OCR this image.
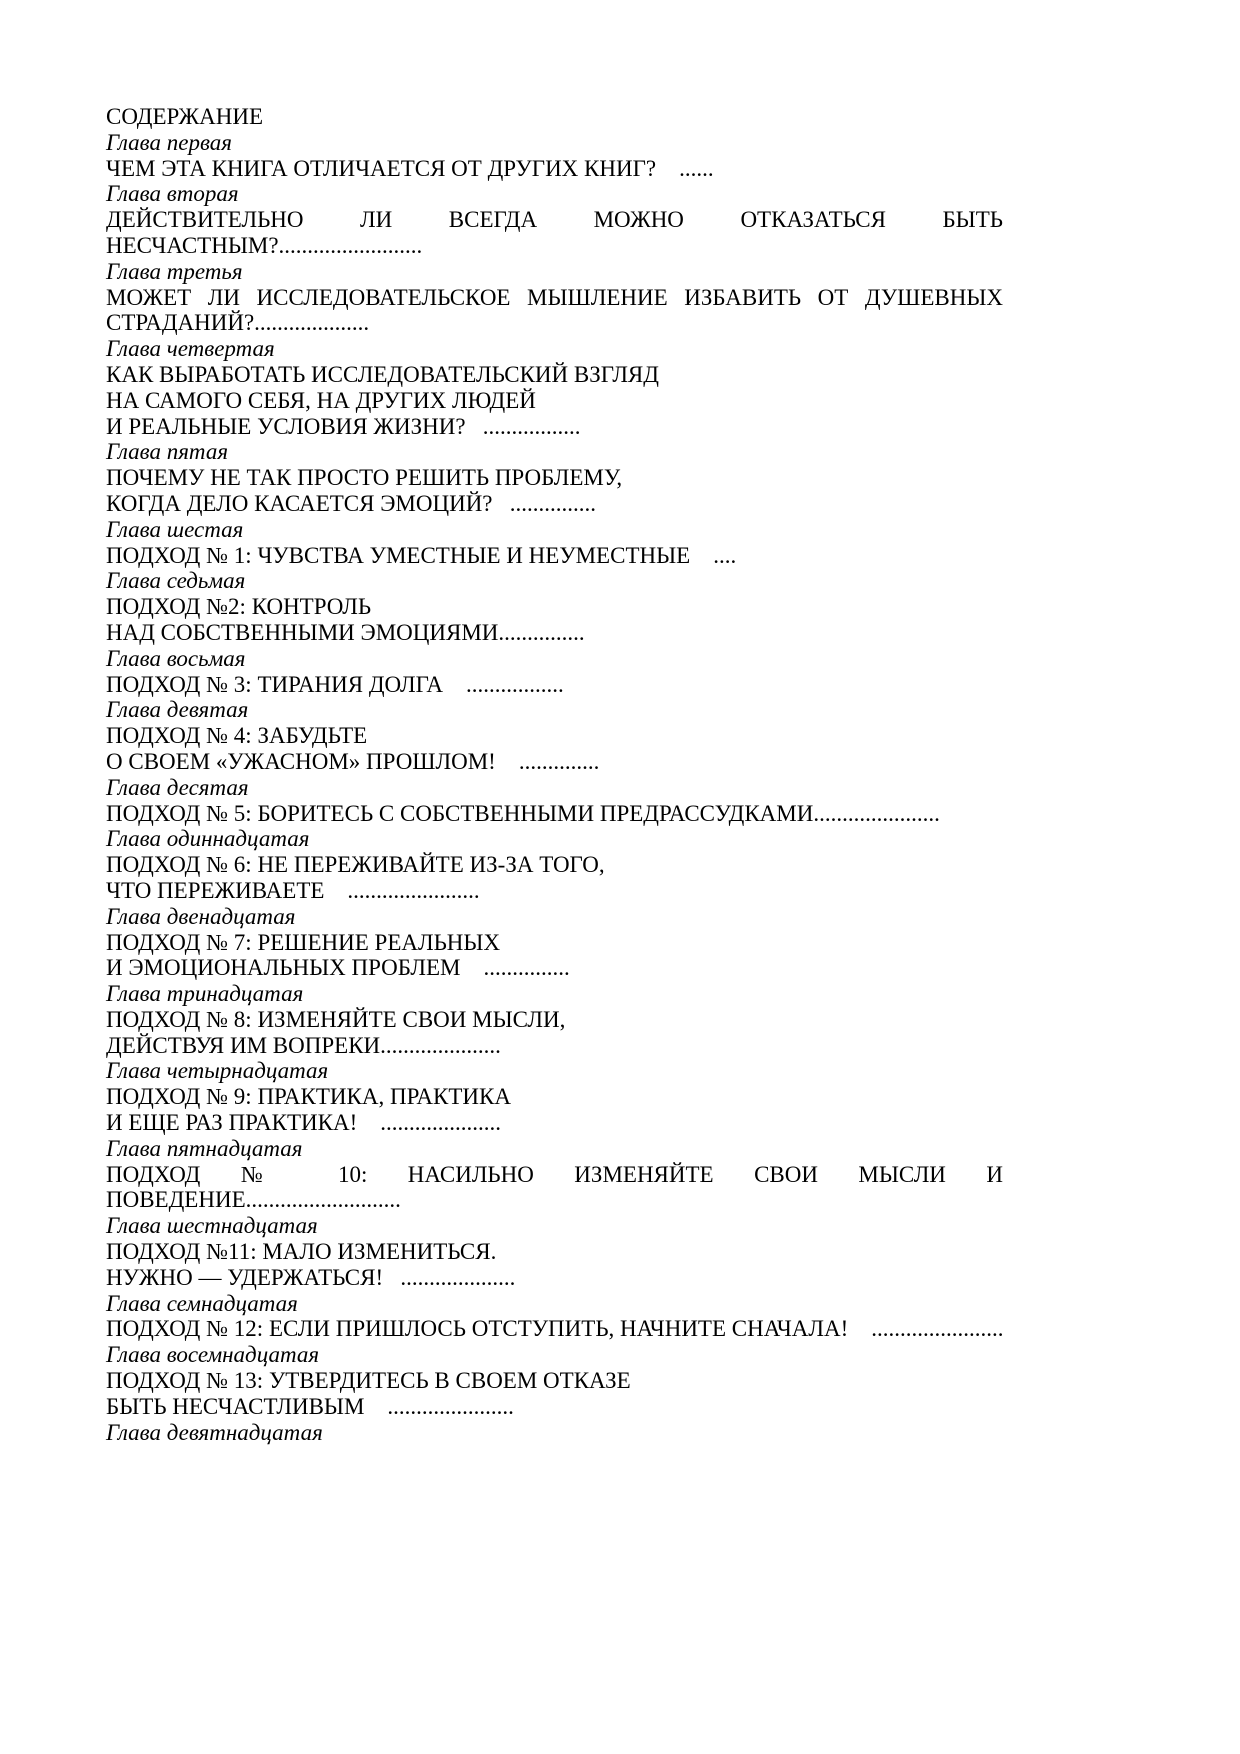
СОДЕРЖАНИЕ
Глава первая
ЧЕМ ЭТА КНИГА ОТЛИЧАЕТСЯ ОТ ДРУГИХ КНИГ?    ......
Глава вторая
ДЕЙСТВИТЕЛЬНО ЛИ ВСЕГДА МОЖНО ОТКАЗАТЬСЯ БЫТЬ
НЕСЧАСТНЫМ?.........................
Глава третья
МОЖЕТ ЛИ ИССЛЕДОВАТЕЛЬСКОЕ МЫШЛЕНИЕ ИЗБАВИТЬ ОТ ДУШЕВНЫХ
СТРАДАНИЙ?....................
Глава четвертая
КАК ВЫРАБОТАТЬ ИССЛЕДОВАТЕЛЬСКИЙ ВЗГЛЯД
НА САМОГО СЕБЯ, НА ДРУГИХ ЛЮДЕЙ
И РЕАЛЬНЫЕ УСЛОВИЯ ЖИЗНИ?   .................
Глава пятая
ПОЧЕМУ НЕ ТАК ПРОСТО РЕШИТЬ ПРОБЛЕМУ,
КОГДА ДЕЛО КАСАЕТСЯ ЭМОЦИЙ?   ...............
Глава шестая
ПОДХОД № 1: ЧУВСТВА УМЕСТНЫЕ И НЕУМЕСТНЫЕ    ....
Глава седьмая
ПОДХОД №2: КОНТРОЛЬ
НАД СОБСТВЕННЫМИ ЭМОЦИЯМИ...............
Глава восьмая
ПОДХОД № 3: ТИРАНИЯ ДОЛГА    .................
Глава девятая
ПОДХОД № 4: ЗАБУДЬТЕ
О СВОЕМ «УЖАСНОМ» ПРОШЛОМ!    ..............
Глава десятая
ПОДХОД № 5: БОРИТЕСЬ С СОБСТВЕННЫМИ ПРЕДРАССУДКАМИ......................
Глава одиннадцатая
ПОДХОД № 6: НЕ ПЕРЕЖИВАЙТЕ ИЗ-ЗА ТОГО,
ЧТО ПЕРЕЖИВАЕТЕ    .......................
Глава двенадцатая
ПОДХОД № 7: РЕШЕНИЕ РЕАЛЬНЫХ
И ЭМОЦИОНАЛЬНЫХ ПРОБЛЕМ    ...............
Глава тринадцатая
ПОДХОД № 8: ИЗМЕНЯЙТЕ СВОИ МЫСЛИ,
ДЕЙСТВУЯ ИМ ВОПРЕКИ.....................
Глава четырнадцатая
ПОДХОД № 9: ПРАКТИКА, ПРАКТИКА
И ЕЩЕ РАЗ ПРАКТИКА!    .....................
Глава пятнадцатая
ПОДХОД № 10: НАСИЛЬНО ИЗМЕНЯЙТЕ СВОИ МЫСЛИ И
ПОВЕДЕНИЕ...........................
Глава шестнадцатая
ПОДХОД №11: МАЛО ИЗМЕНИТЬСЯ.
НУЖНО — УДЕРЖАТЬСЯ!   ....................
Глава семнадцатая
ПОДХОД № 12: ЕСЛИ ПРИШЛОСЬ ОТСТУПИТЬ, НАЧНИТЕ СНАЧАЛА!    .......................
Глава восемнадцатая
ПОДХОД № 13: УТВЕРДИТЕСЬ В СВОЕМ ОТКАЗЕ
БЫТЬ НЕСЧАСТЛИВЫМ    ......................
Глава девятнадцатая
